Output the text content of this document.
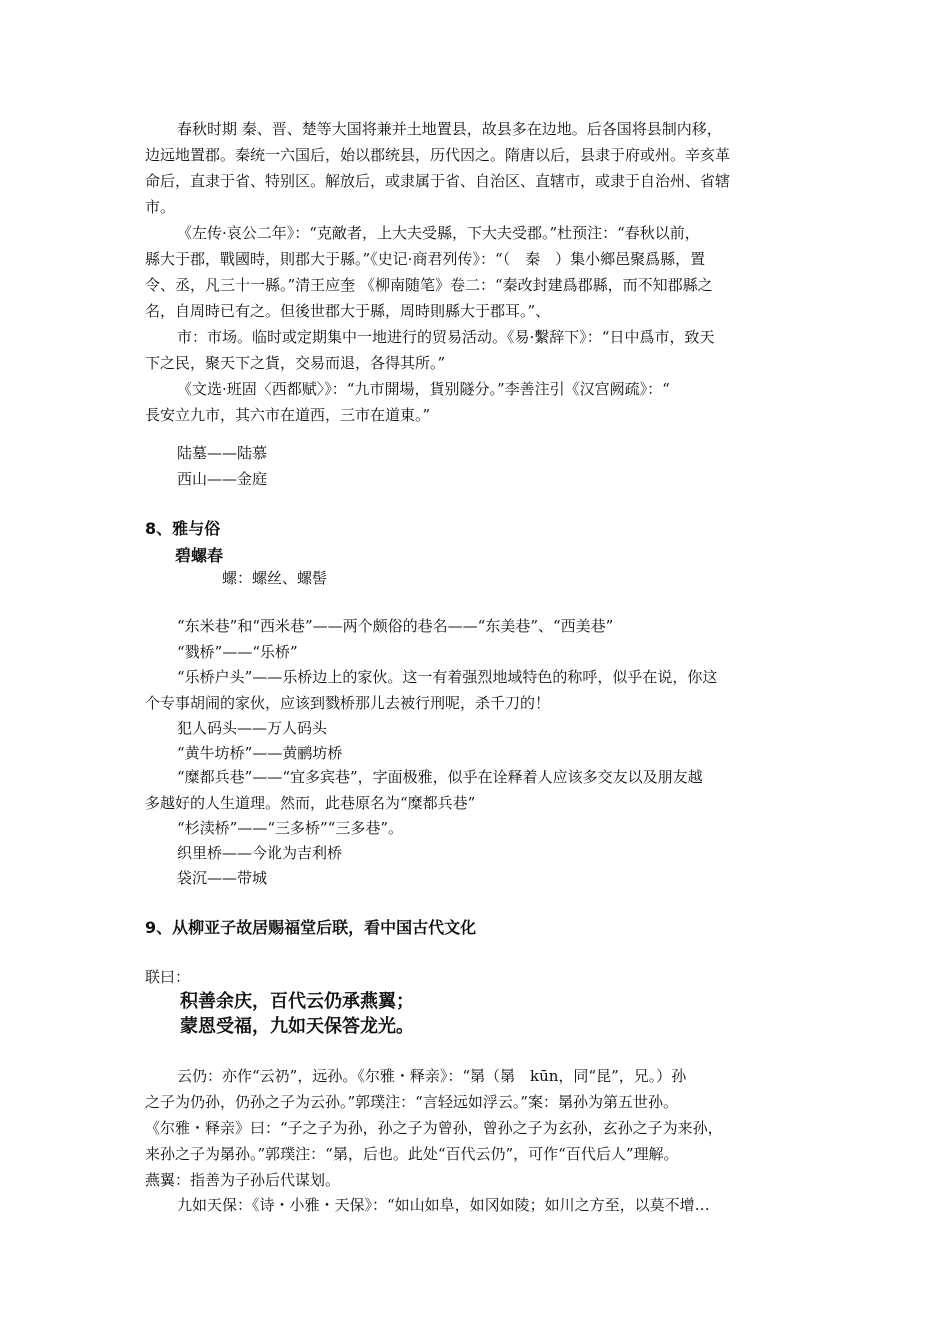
春秋时期 秦、晋、楚等大国将兼并土地置县，故县多在边地。后各国将县制内移，
边远地置郡。秦统一六国后，始以郡统县，历代因之。隋唐以后，县隶于府或州。辛亥革
命后，直隶于省、特别区。解放后，或隶属于省、自治区、直辖市，或隶于自治州、省辖
市。
《左传·哀公二年》：“克敵者，上大夫受縣，下大夫受郡。”杜预注：“春秋以前，
縣大于郡，戰國時，則郡大于縣。”《史记·商君列传》：“（　秦　）集小鄉邑聚爲縣，置
令、丞，凡三十一縣。”清王应奎 《柳南随笔》卷二：“秦改封建爲郡縣，而不知郡縣之
名，自周時已有之。但後世郡大于縣，周時則縣大于郡耳。”、
市：市场。临时或定期集中一地进行的贸易活动。《易·繫辞下》：“日中爲市，致天
下之民，聚天下之貨，交易而退，各得其所。”
《文选·班固〈西都赋〉》：“九市開場，貨别隧分。”李善注引《汉宫阙疏》：“
長安立九市，其六市在道西，三市在道東。”
陆墓——陆慕
西山——金庭
8、雅与俗
碧螺春
螺：螺丝、螺髻
“东米巷”和“西米巷”——两个颇俗的巷名——“东美巷”、“西美巷”
“戮桥”——“乐桥”
“乐桥户头”——乐桥边上的家伙。这一有着强烈地域特色的称呼，似乎在说，你这
个专事胡闹的家伙，应该到戮桥那儿去被行刑呢，杀千刀的！
犯人码头——万人码头
“黄牛坊桥”——黄鹂坊桥
“糜都兵巷”——“宜多宾巷”，字面极雅，似乎在诠释着人应该多交友以及朋友越
多越好的人生道理。然而，此巷原名为“糜都兵巷”
“杉渎桥”——“三多桥”“三多巷”。
织里桥——今讹为吉利桥
袋沉——带城
9、从柳亚子故居赐福堂后联，看中国古代文化
联曰：
积善余庆，百代云仍承燕翼；
蒙恩受福，九如天保答龙光。
云仍：亦作“云礽”，远孙。《尔雅・释亲》：“晜（晜　kūn，同“昆”，兄。）孙
之子为仍孙，仍孙之子为云孙。”郭璞注：“言轻远如浮云。”案：晜孙为第五世孙。
《尔雅・释亲》曰：“子之子为孙，孙之子为曾孙，曾孙之子为玄孙，玄孙之子为来孙，
来孙之子为晜孙。”郭璞注：“晜，后也。此处“百代云仍”，可作“百代后人”理解。
燕翼：指善为子孙后代谋划。
九如天保：《诗・小雅・天保》：“如山如阜，如冈如陵；如川之方至，以莫不增…
